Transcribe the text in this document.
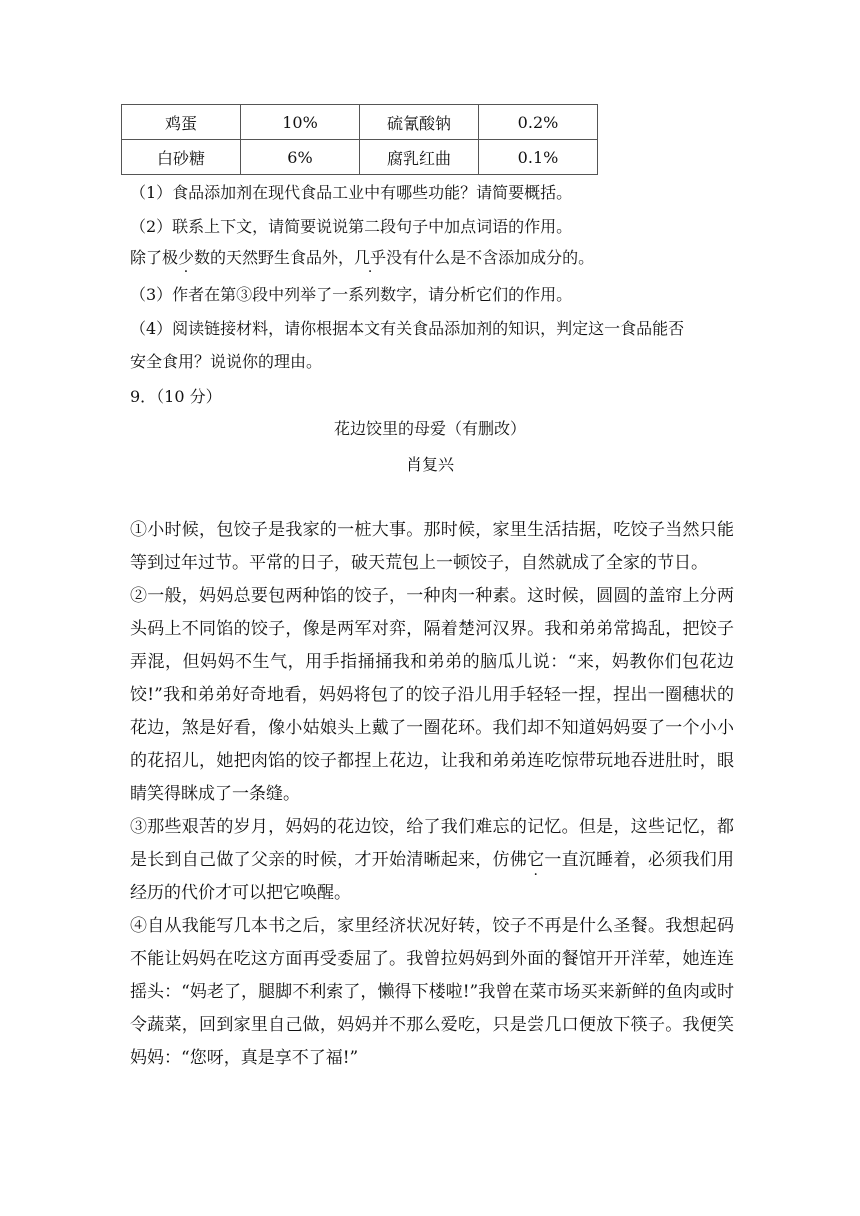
鸡蛋	10%	硫氰酸钠	0.2%
白砂糖	6%	腐乳红曲	0.1%
（1）食品添加剂在现代食品工业中有哪些功能？请简要概括。
（2）联系上下文，请简要说说第二段句子中加点词语的作用。
除了极少数的天然野生食品外，几乎没有什么是不含添加成分的。
（3）作者在第③段中列举了一系列数字，请分析它们的作用。
（4）阅读链接材料，请你根据本文有关食品添加剂的知识，判定这一食品能否
安全食用？说说你的理由。
9．（10 分）
花边饺里的母爱（有删改）
肖复兴

①小时候，包饺子是我家的一桩大事。那时候，家里生活拮据，吃饺子当然只能等到过年过节。平常的日子，破天荒包上一顿饺子，自然就成了全家的节日。

②一般，妈妈总要包两种馅的饺子，一种肉一种素。这时候，圆圆的盖帘上分两头码上不同馅的饺子，像是两军对弈，隔着楚河汉界。我和弟弟常捣乱，把饺子弄混，但妈妈不生气，用手指捅捅我和弟弟的脑瓜儿说：“来，妈教你们包花边饺!”我和弟弟好奇地看，妈妈将包了的饺子沿儿用手轻轻一捏，捏出一圈穗状的花边，煞是好看，像小姑娘头上戴了一圈花环。我们却不知道妈妈耍了一个小小的花招儿，她把肉馅的饺子都捏上花边，让我和弟弟连吃惊带玩地吞进肚时，眼睛笑得眯成了一条缝。

③那些艰苦的岁月，妈妈的花边饺，给了我们难忘的记忆。但是，这些记忆，都是长到自己做了父亲的时候，才开始清晰起来，仿佛它一直沉睡着，必须我们用经历的代价才可以把它唤醒。

④自从我能写几本书之后，家里经济状况好转，饺子不再是什么圣餐。我想起码不能让妈妈在吃这方面再受委屈了。我曾拉妈妈到外面的餐馆开开洋荤，她连连摇头：“妈老了，腿脚不利索了，懒得下楼啦!”我曾在菜市场买来新鲜的鱼肉或时令蔬菜，回到家里自己做，妈妈并不那么爱吃，只是尝几口便放下筷子。我便笑妈妈：“您呀，真是享不了福!”
